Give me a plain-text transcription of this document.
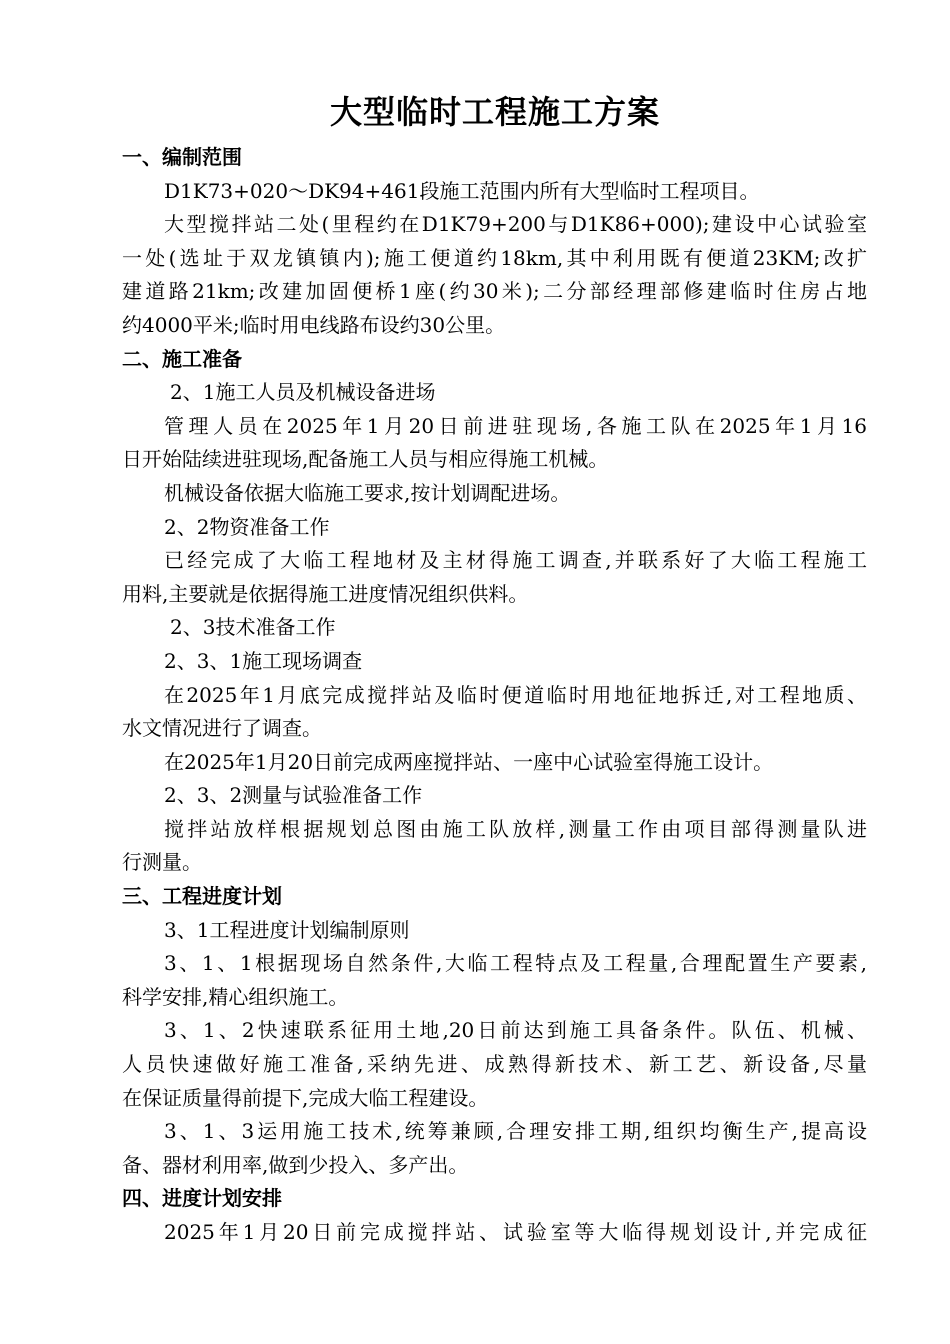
大型临时工程施工方案
一、编制范围
D1K73+020～DK94+461段施工范围内所有大型临时工程项目。
大型搅拌站二处(里程约在D1K79+200与D1K86+000);建设中心试验室
一处(选址于双龙镇镇内);施工便道约18km,其中利用既有便道23KM;改扩
建道路21km;改建加固便桥1座(约30米);二分部经理部修建临时住房占地
约4000平米;临时用电线路布设约30公里。
二、施工准备
2、1施工人员及机械设备进场
管理人员在2025年1月20日前进驻现场,各施工队在2025年1月16
日开始陆续进驻现场,配备施工人员与相应得施工机械。
机械设备依据大临施工要求,按计划调配进场。
2、2物资准备工作
已经完成了大临工程地材及主材得施工调查,并联系好了大临工程施工
用料,主要就是依据得施工进度情况组织供料。
2、3技术准备工作
2、3、1施工现场调查
在2025年1月底完成搅拌站及临时便道临时用地征地拆迁,对工程地质、
水文情况进行了调查。
在2025年1月20日前完成两座搅拌站、一座中心试验室得施工设计。
2、3、2测量与试验准备工作
搅拌站放样根据规划总图由施工队放样,测量工作由项目部得测量队进
行测量。
三、工程进度计划
3、1工程进度计划编制原则
3、1、1根据现场自然条件,大临工程特点及工程量,合理配置生产要素,
科学安排,精心组织施工。
3、1、2快速联系征用土地,20日前达到施工具备条件。队伍、机械、
人员快速做好施工准备,采纳先进、成熟得新技术、新工艺、新设备,尽量
在保证质量得前提下,完成大临工程建设。
3、1、3运用施工技术,统筹兼顾,合理安排工期,组织均衡生产,提高设
备、器材利用率,做到少投入、多产出。
四、进度计划安排
2025年1月20日前完成搅拌站、试验室等大临得规划设计,并完成征
